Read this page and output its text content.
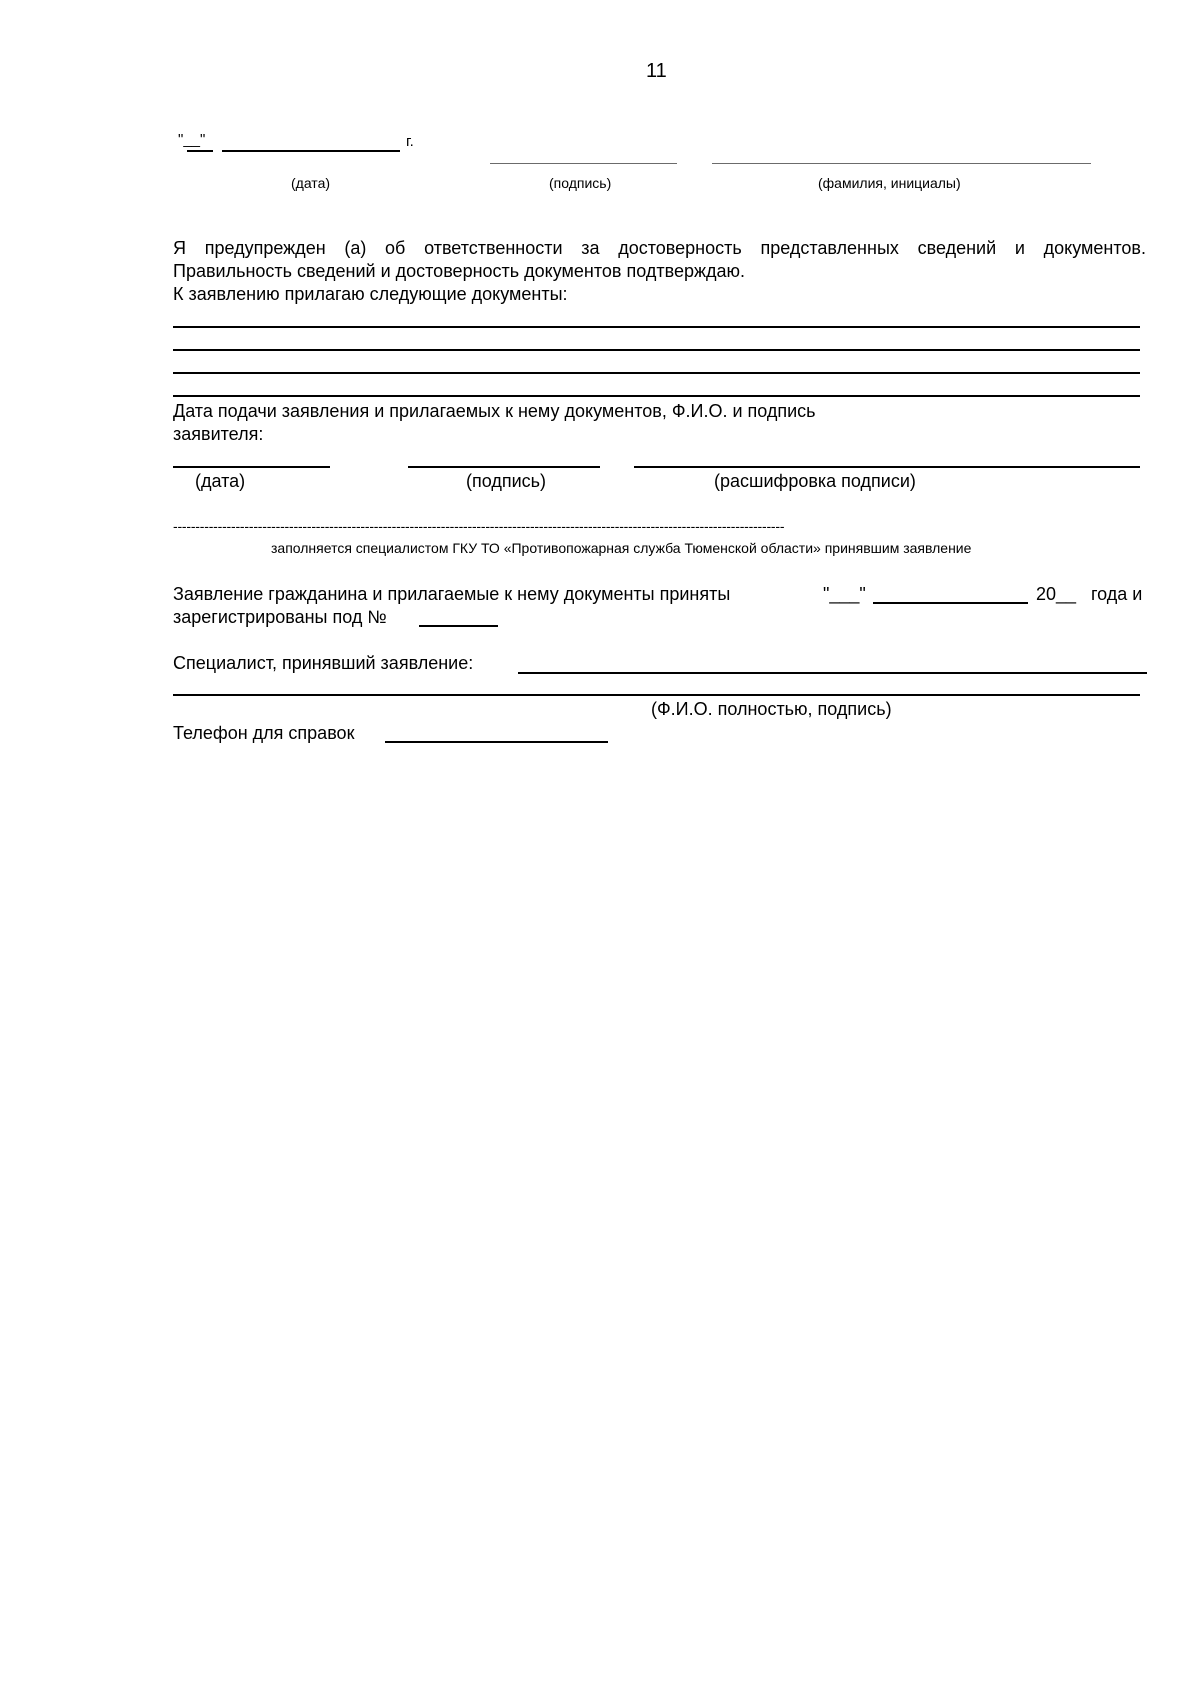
11
"__"	г.
(дата)	(подпись)	(фамилия, инициалы)
Я предупрежден (а) об ответственности за достоверность представленных сведений и документов.
Правильность сведений и достоверность документов подтверждаю.
К заявлению прилагаю следующие документы:
Дата подачи заявления и прилагаемых к нему документов, Ф.И.О. и подпись
заявителя:
(дата)	(подпись)	(расшифровка подписи)
-----------------------------------------------------------------------------------------------------------------------------------------
заполняется специалистом ГКУ ТО «Противопожарная служба Тюменской области» принявшим заявление
Заявление гражданина и прилагаемые к нему документы приняты	"___"	20__ года и
зарегистрированы под №
Специалист, принявший заявление:
(Ф.И.О. полностью, подпись)
Телефон для справок
